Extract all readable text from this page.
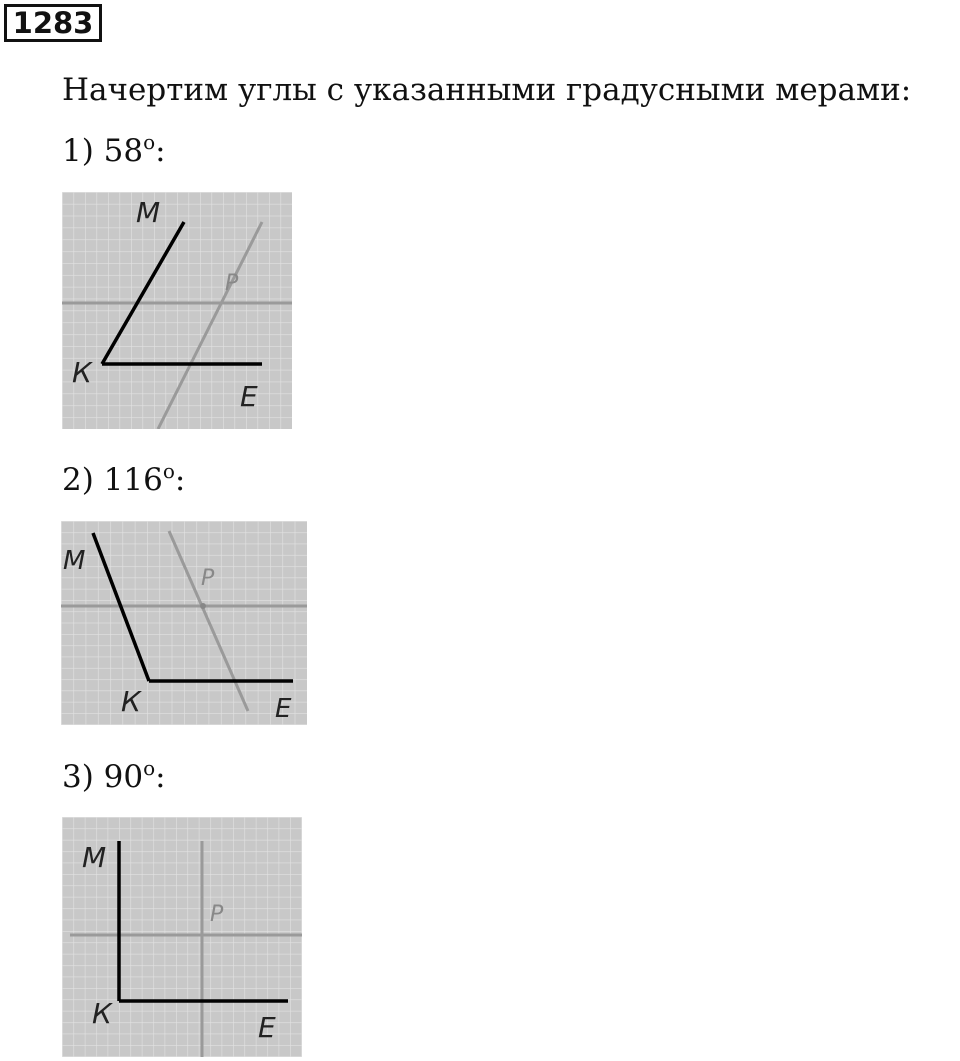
1283
Начертим углы с указанными градусными мерами:
1) $58^о$:
М
К
Е
Р
2) $116^о$:
М
К	Е
Р
3) $90^о$:
М
К	Е
Р
